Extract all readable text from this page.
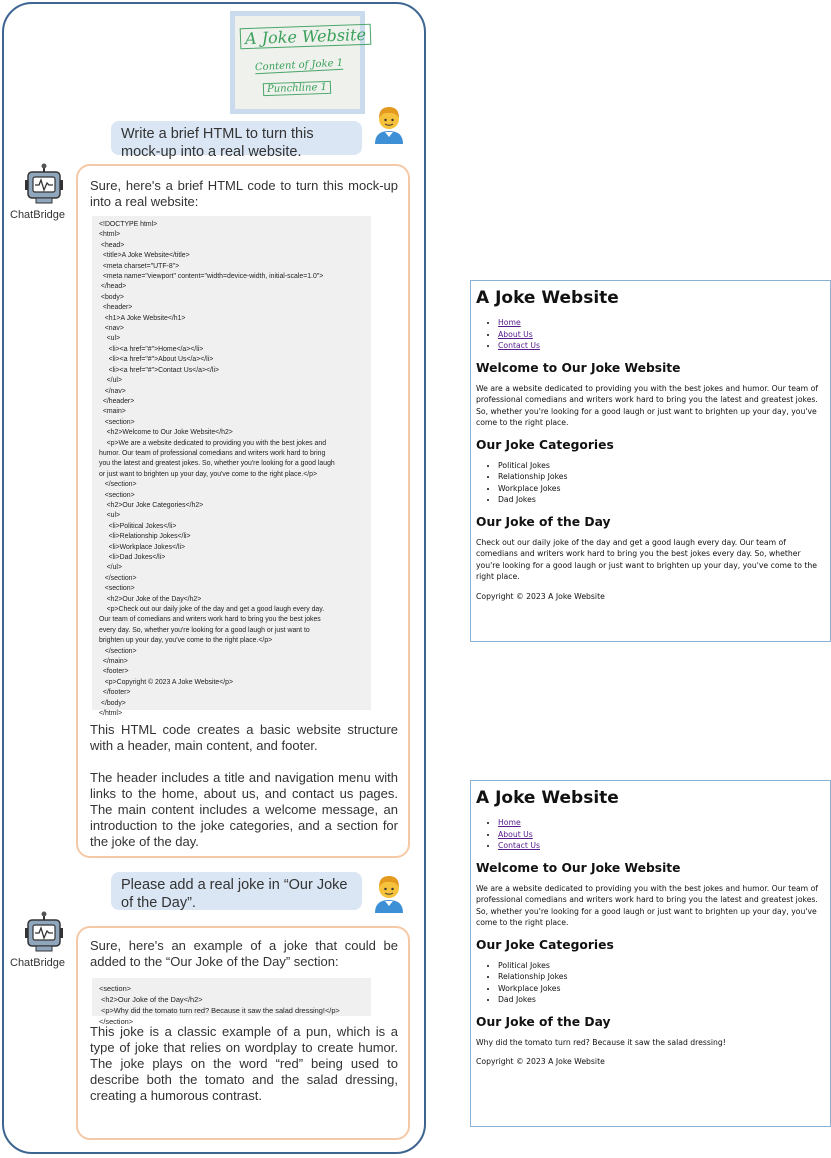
A Joke Website
Content of Joke 1
Punchline 1
Write a brief HTML to turn this mock-up into a real website.
ChatBridge
Sure, here's a brief HTML code to turn this mock-up into a real website:
This HTML code creates a basic website structure with a header, main content, and footer.
The header includes a title and navigation menu with links to the home, about us, and contact us pages. The main content includes a welcome message, an introduction to the joke categories, and a section for the joke of the day.
<!DOCTYPE html>
<html>
<head>
<title>A Joke Website</title>
<meta charset="UTF-8">
<meta name="viewport" content="width=device-width, initial-scale=1.0">
</head>
<body>
<header>
<h1>A Joke Website</h1>
<nav>
<ul>
<li><a href="#">Home</a></li>
<li><a href="#">About Us</a></li>
<li><a href="#">Contact Us</a></li>
</ul>
</nav>
</header>
<main>
<section>
<h2>Welcome to Our Joke Website</h2>
<p>We are a website dedicated to providing you with the best jokes and
humor. Our team of professional comedians and writers work hard to bring
you the latest and greatest jokes. So, whether you're looking for a good laugh
or just want to brighten up your day, you've come to the right place.</p>
</section>
<section>
<h2>Our Joke Categories</h2>
<ul>
<li>Political Jokes</li>
<li>Relationship Jokes</li>
<li>Workplace Jokes</li>
<li>Dad Jokes</li>
</ul>
</section>
<section>
<h2>Our Joke of the Day</h2>
<p>Check out our daily joke of the day and get a good laugh every day.
Our team of comedians and writers work hard to bring you the best jokes
every day. So, whether you're looking for a good laugh or just want to
brighten up your day, you've come to the right place.</p>
</section>
</main>
<footer>
<p>Copyright © 2023 A Joke Website</p>
</footer>
</body>
</html>
Please add a real joke in “Our Joke of the Day”.
ChatBridge
Sure, here's an example of a joke that could be added to the “Our Joke of the Day” section:
This joke is a classic example of a pun, which is a type of joke that relies on wordplay to create humor. The joke plays on the word “red” being used to describe both the tomato and the salad dressing, creating a humorous contrast.
<section>
<h2>Our Joke of the Day</h2>
<p>Why did the tomato turn red? Because it saw the salad dressing!</p>
</section>
A Joke Website
• Home
• About Us
• Contact Us
Welcome to Our Joke Website

We are a website dedicated to providing you with the best jokes and humor. Our team of professional comedians and writers work hard to bring you the latest and greatest jokes. So, whether you're looking for a good laugh or just want to brighten up your day, you've come to the right place.

Our Joke Categories
• Political Jokes
• Relationship Jokes
• Workplace Jokes
• Dad Jokes
Our Joke of the Day

Check out our daily joke of the day and get a good laugh every day. Our team of comedians and writers work hard to bring you the best jokes every day. So, whether you're looking for a good laugh or just want to brighten up your day, you've come to the right place.

Copyright © 2023 A Joke Website

A Joke Website
• Home
• About Us
• Contact Us
Welcome to Our Joke Website

We are a website dedicated to providing you with the best jokes and humor. Our team of professional comedians and writers work hard to bring you the latest and greatest jokes. So, whether you're looking for a good laugh or just want to brighten up your day, you've come to the right place.

Our Joke Categories
• Political Jokes
• Relationship Jokes
• Workplace Jokes
• Dad Jokes
Our Joke of the Day

Why did the tomato turn red? Because it saw the salad dressing!

Copyright © 2023 A Joke Website
